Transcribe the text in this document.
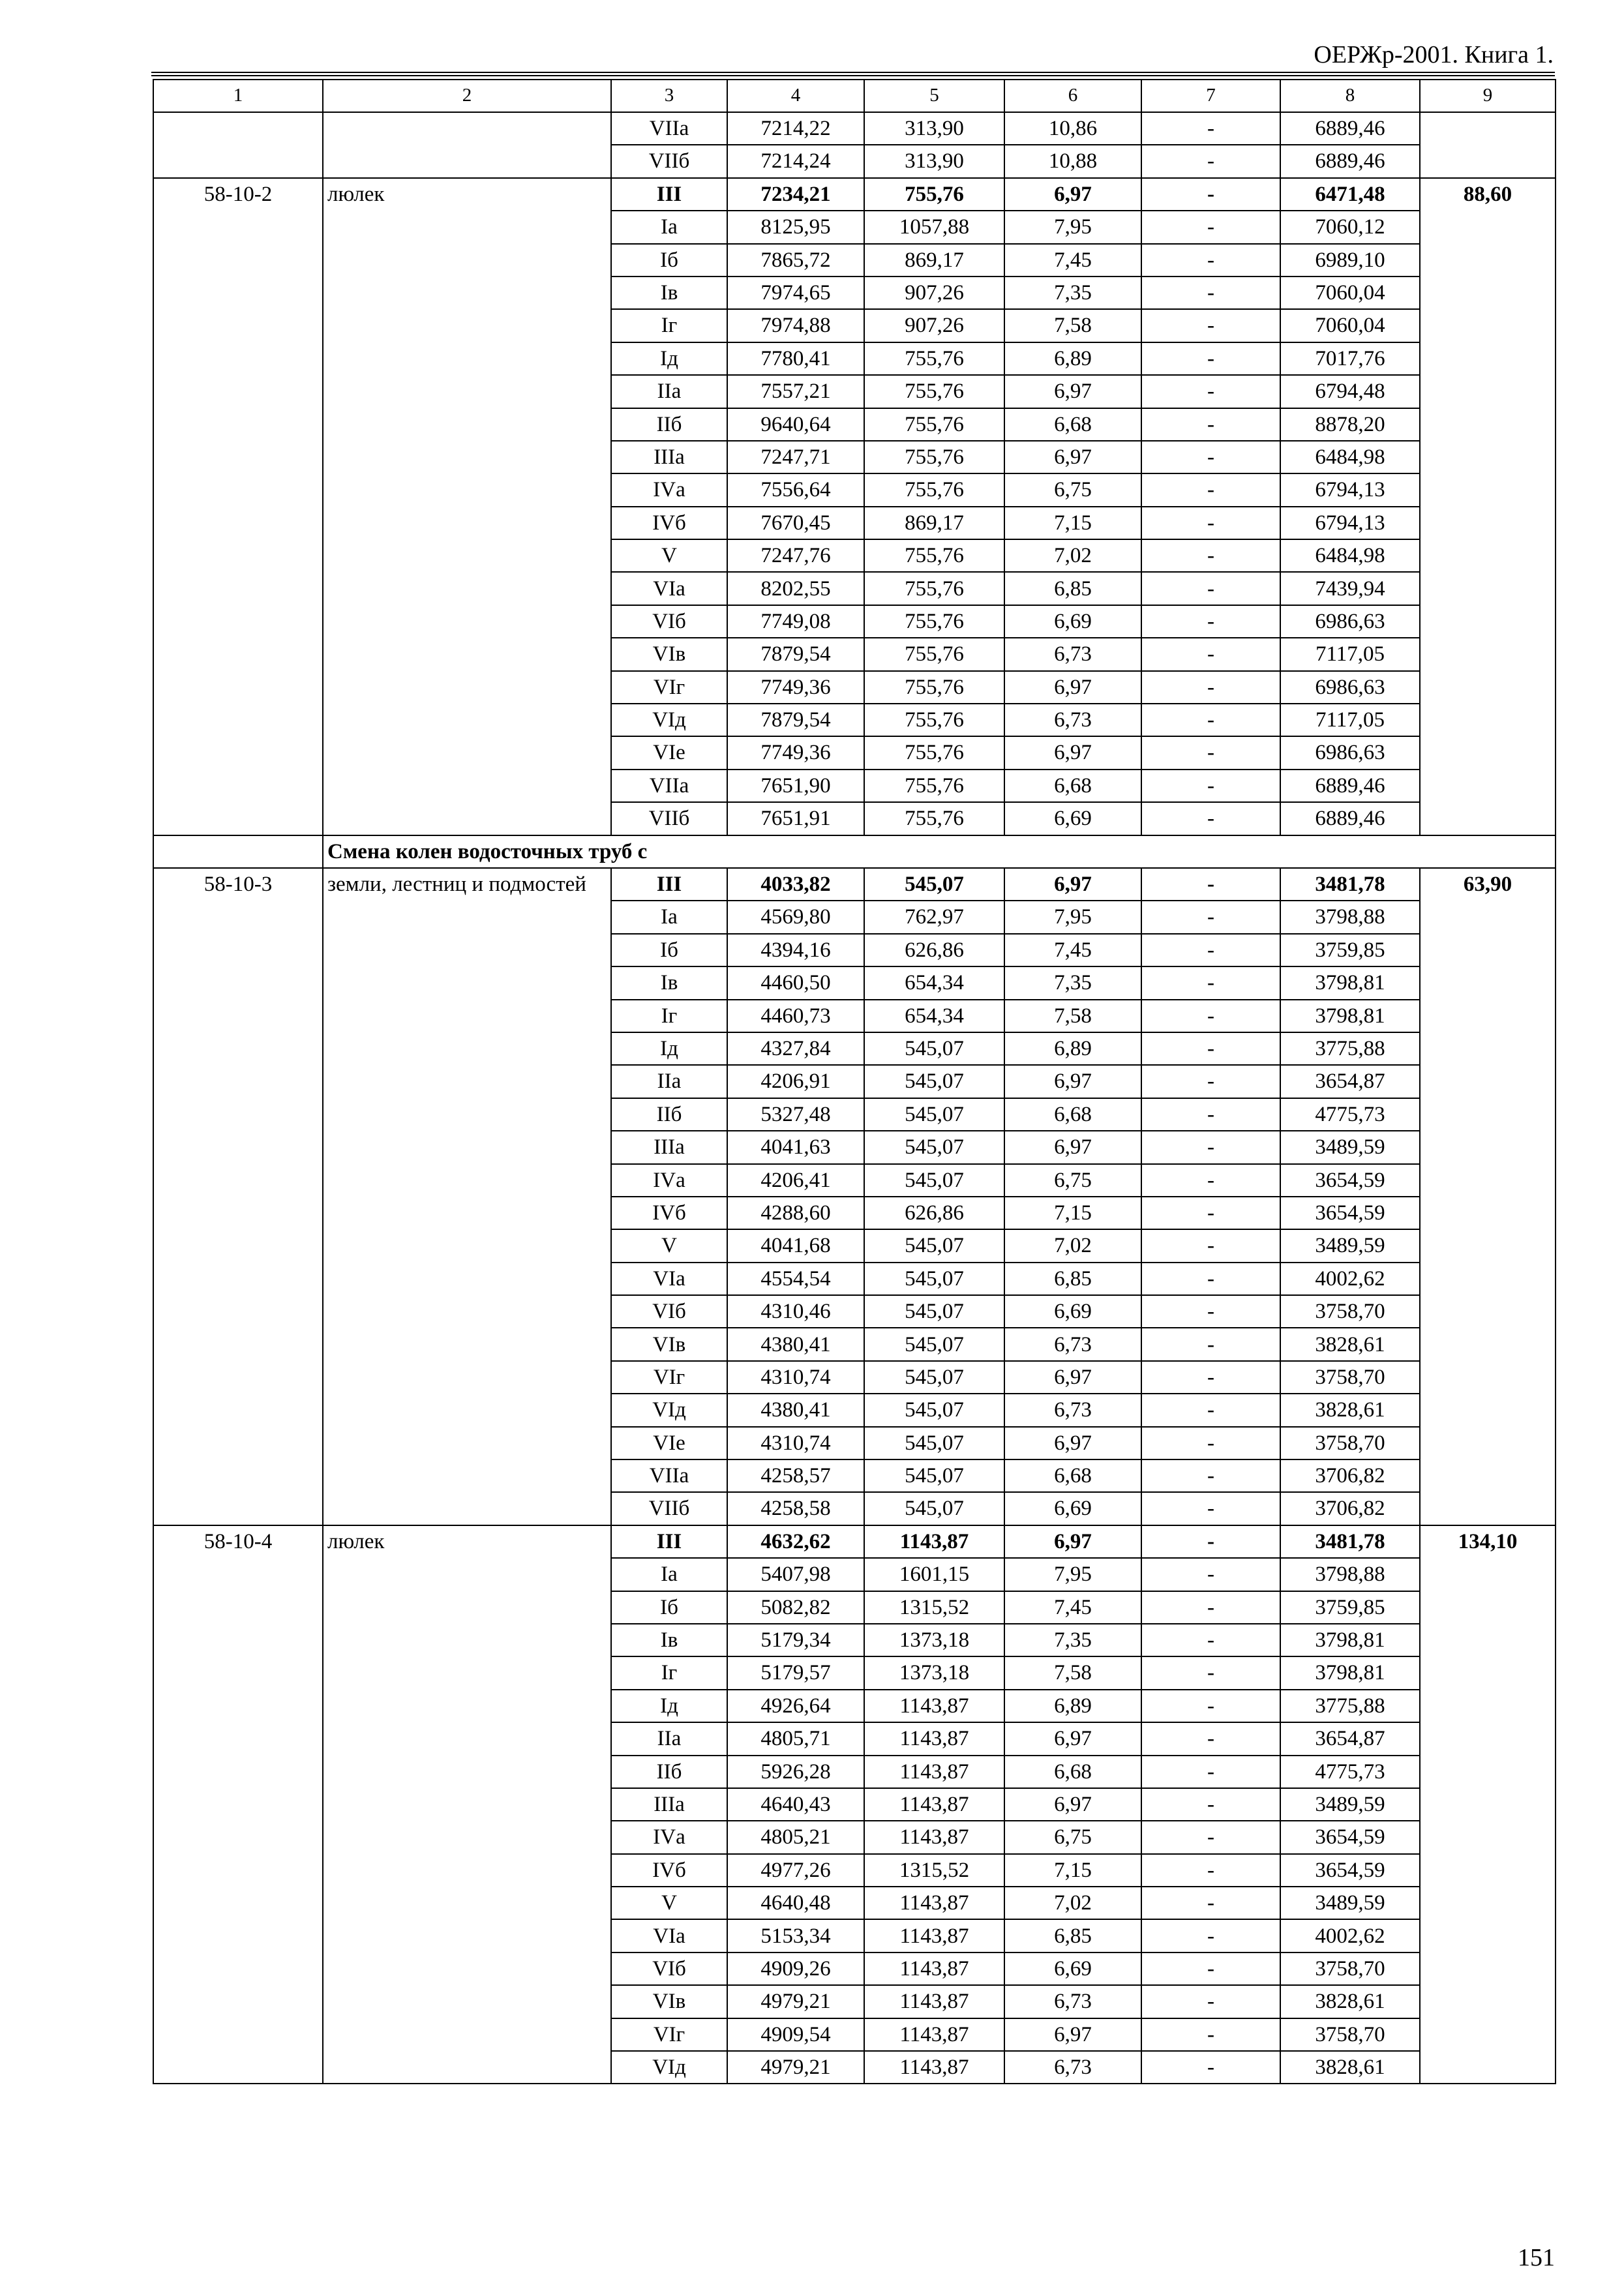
ОЕРЖр-2001. Книга 1.
1	2	3	4	5	6	7	8	9
		VIIа	7214,22	313,90	10,86	-	6889,46	
		VIIб	7214,24	313,90	10,88	-	6889,46	
58-10-2	люлек	III	7234,21	755,76	6,97	-	6471,48	88,60
		Iа	8125,95	1057,88	7,95	-	7060,12	
		Iб	7865,72	869,17	7,45	-	6989,10	
		Iв	7974,65	907,26	7,35	-	7060,04	
		Iг	7974,88	907,26	7,58	-	7060,04	
		Iд	7780,41	755,76	6,89	-	7017,76	
		IIа	7557,21	755,76	6,97	-	6794,48	
		IIб	9640,64	755,76	6,68	-	8878,20	
		IIIа	7247,71	755,76	6,97	-	6484,98	
		IVа	7556,64	755,76	6,75	-	6794,13	
		IVб	7670,45	869,17	7,15	-	6794,13	
		V	7247,76	755,76	7,02	-	6484,98	
		VIа	8202,55	755,76	6,85	-	7439,94	
		VIб	7749,08	755,76	6,69	-	6986,63	
		VIв	7879,54	755,76	6,73	-	7117,05	
		VIг	7749,36	755,76	6,97	-	6986,63	
		VIд	7879,54	755,76	6,73	-	7117,05	
		VIе	7749,36	755,76	6,97	-	6986,63	
		VIIа	7651,90	755,76	6,68	-	6889,46	
		VIIб	7651,91	755,76	6,69	-	6889,46	
	Смена колен водосточных труб с							
58-10-3	земли, лестниц и подмостей	III	4033,82	545,07	6,97	-	3481,78	63,90
		Iа	4569,80	762,97	7,95	-	3798,88	
		Iб	4394,16	626,86	7,45	-	3759,85	
		Iв	4460,50	654,34	7,35	-	3798,81	
		Iг	4460,73	654,34	7,58	-	3798,81	
		Iд	4327,84	545,07	6,89	-	3775,88	
		IIа	4206,91	545,07	6,97	-	3654,87	
		IIб	5327,48	545,07	6,68	-	4775,73	
		IIIа	4041,63	545,07	6,97	-	3489,59	
		IVа	4206,41	545,07	6,75	-	3654,59	
		IVб	4288,60	626,86	7,15	-	3654,59	
		V	4041,68	545,07	7,02	-	3489,59	
		VIа	4554,54	545,07	6,85	-	4002,62	
		VIб	4310,46	545,07	6,69	-	3758,70	
		VIв	4380,41	545,07	6,73	-	3828,61	
		VIг	4310,74	545,07	6,97	-	3758,70	
		VIд	4380,41	545,07	6,73	-	3828,61	
		VIе	4310,74	545,07	6,97	-	3758,70	
		VIIа	4258,57	545,07	6,68	-	3706,82	
		VIIб	4258,58	545,07	6,69	-	3706,82	
58-10-4	люлек	III	4632,62	1143,87	6,97	-	3481,78	134,10
		Iа	5407,98	1601,15	7,95	-	3798,88	
		Iб	5082,82	1315,52	7,45	-	3759,85	
		Iв	5179,34	1373,18	7,35	-	3798,81	
		Iг	5179,57	1373,18	7,58	-	3798,81	
		Iд	4926,64	1143,87	6,89	-	3775,88	
		IIа	4805,71	1143,87	6,97	-	3654,87	
		IIб	5926,28	1143,87	6,68	-	4775,73	
		IIIа	4640,43	1143,87	6,97	-	3489,59	
		IVа	4805,21	1143,87	6,75	-	3654,59	
		IVб	4977,26	1315,52	7,15	-	3654,59	
		V	4640,48	1143,87	7,02	-	3489,59	
		VIа	5153,34	1143,87	6,85	-	4002,62	
		VIб	4909,26	1143,87	6,69	-	3758,70	
		VIв	4979,21	1143,87	6,73	-	3828,61	
		VIг	4909,54	1143,87	6,97	-	3758,70	
		VIд	4979,21	1143,87	6,73	-	3828,61	
151
